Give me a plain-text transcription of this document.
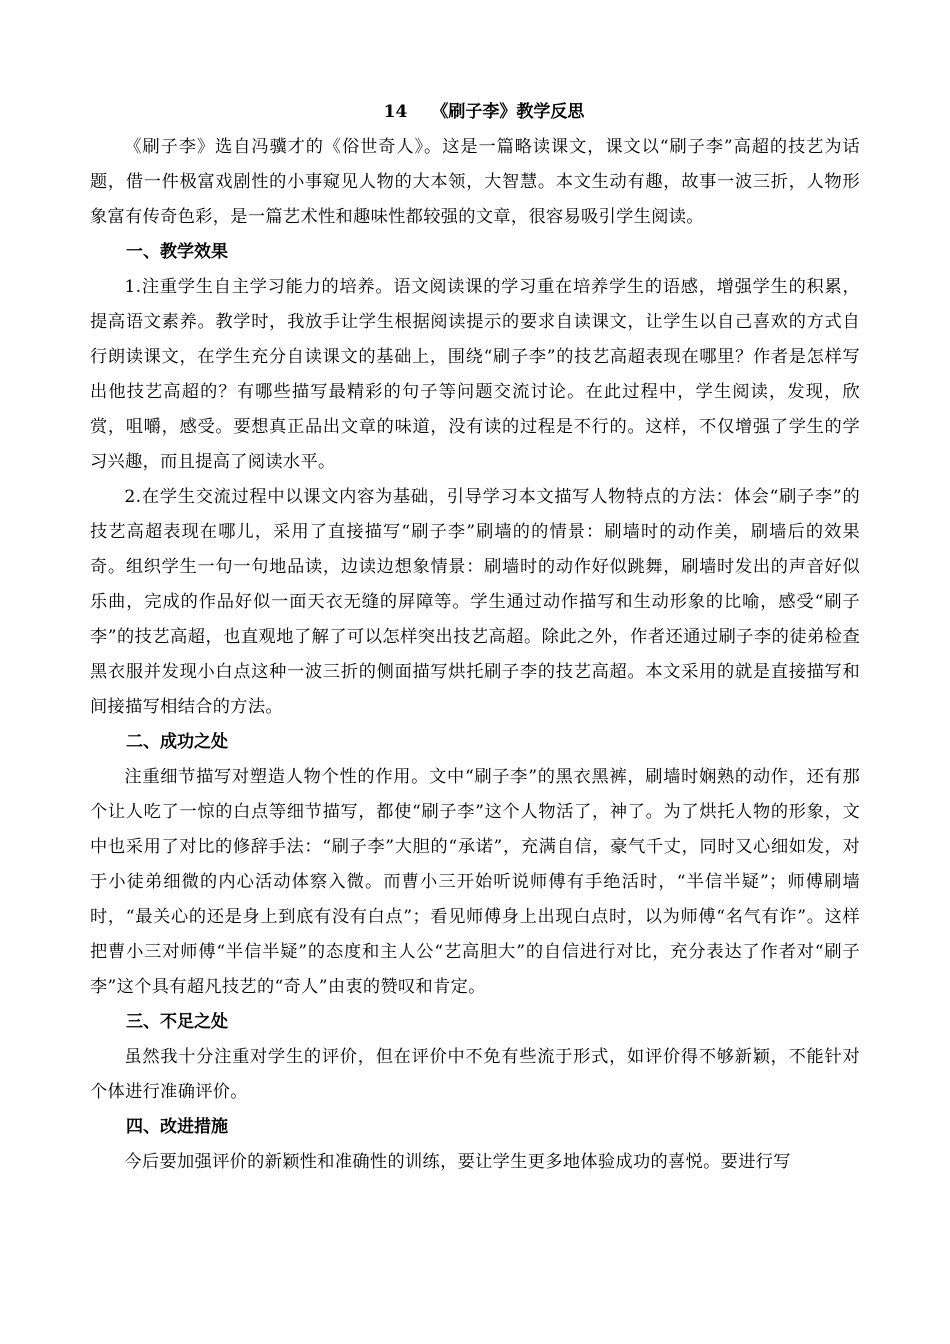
14 《刷子李》教学反思

《刷子李》选自冯骥才的《俗世奇人》。这是一篇略读课文，课文以“刷子李”高超的技艺为话题，借一件极富戏剧性的小事窥见人物的大本领，大智慧。本文生动有趣，故事一波三折，人物形象富有传奇色彩，是一篇艺术性和趣味性都较强的文章，很容易吸引学生阅读。

一、教学效果

1.注重学生自主学习能力的培养。语文阅读课的学习重在培养学生的语感，增强学生的积累，提高语文素养。教学时，我放手让学生根据阅读提示的要求自读课文，让学生以自己喜欢的方式自行朗读课文，在学生充分自读课文的基础上，围绕“刷子李”的技艺高超表现在哪里？作者是怎样写出他技艺高超的？有哪些描写最精彩的句子等问题交流讨论。在此过程中，学生阅读，发现，欣赏，咀嚼，感受。要想真正品出文章的味道，没有读的过程是不行的。这样，不仅增强了学生的学习兴趣，而且提高了阅读水平。

2.在学生交流过程中以课文内容为基础，引导学习本文描写人物特点的方法：体会“刷子李”的技艺高超表现在哪儿，采用了直接描写“刷子李”刷墙的的情景：刷墙时的动作美，刷墙后的效果奇。组织学生一句一句地品读，边读边想象情景：刷墙时的动作好似跳舞，刷墙时发出的声音好似乐曲，完成的作品好似一面天衣无缝的屏障等。学生通过动作描写和生动形象的比喻，感受“刷子李”的技艺高超，也直观地了解了可以怎样突出技艺高超。除此之外，作者还通过刷子李的徒弟检查黑衣服并发现小白点这种一波三折的侧面描写烘托刷子李的技艺高超。本文采用的就是直接描写和间接描写相结合的方法。

二、成功之处

注重细节描写对塑造人物个性的作用。文中“刷子李”的黑衣黑裤，刷墙时娴熟的动作，还有那个让人吃了一惊的白点等细节描写，都使“刷子李”这个人物活了，神了。为了烘托人物的形象，文中也采用了对比的修辞手法：“刷子李”大胆的“承诺”，充满自信，豪气千丈，同时又心细如发，对于小徒弟细微的内心活动体察入微。而曹小三开始听说师傅有手绝活时，“半信半疑”；师傅刷墙时，“最关心的还是身上到底有没有白点”；看见师傅身上出现白点时，以为师傅“名气有诈”。这样把曹小三对师傅“半信半疑”的态度和主人公“艺高胆大”的自信进行对比，充分表达了作者对“刷子李”这个具有超凡技艺的“奇人”由衷的赞叹和肯定。

三、不足之处

虽然我十分注重对学生的评价，但在评价中不免有些流于形式，如评价得不够新颖，不能针对个体进行准确评价。

四、改进措施

今后要加强评价的新颖性和准确性的训练，要让学生更多地体验成功的喜悦。要进行写
